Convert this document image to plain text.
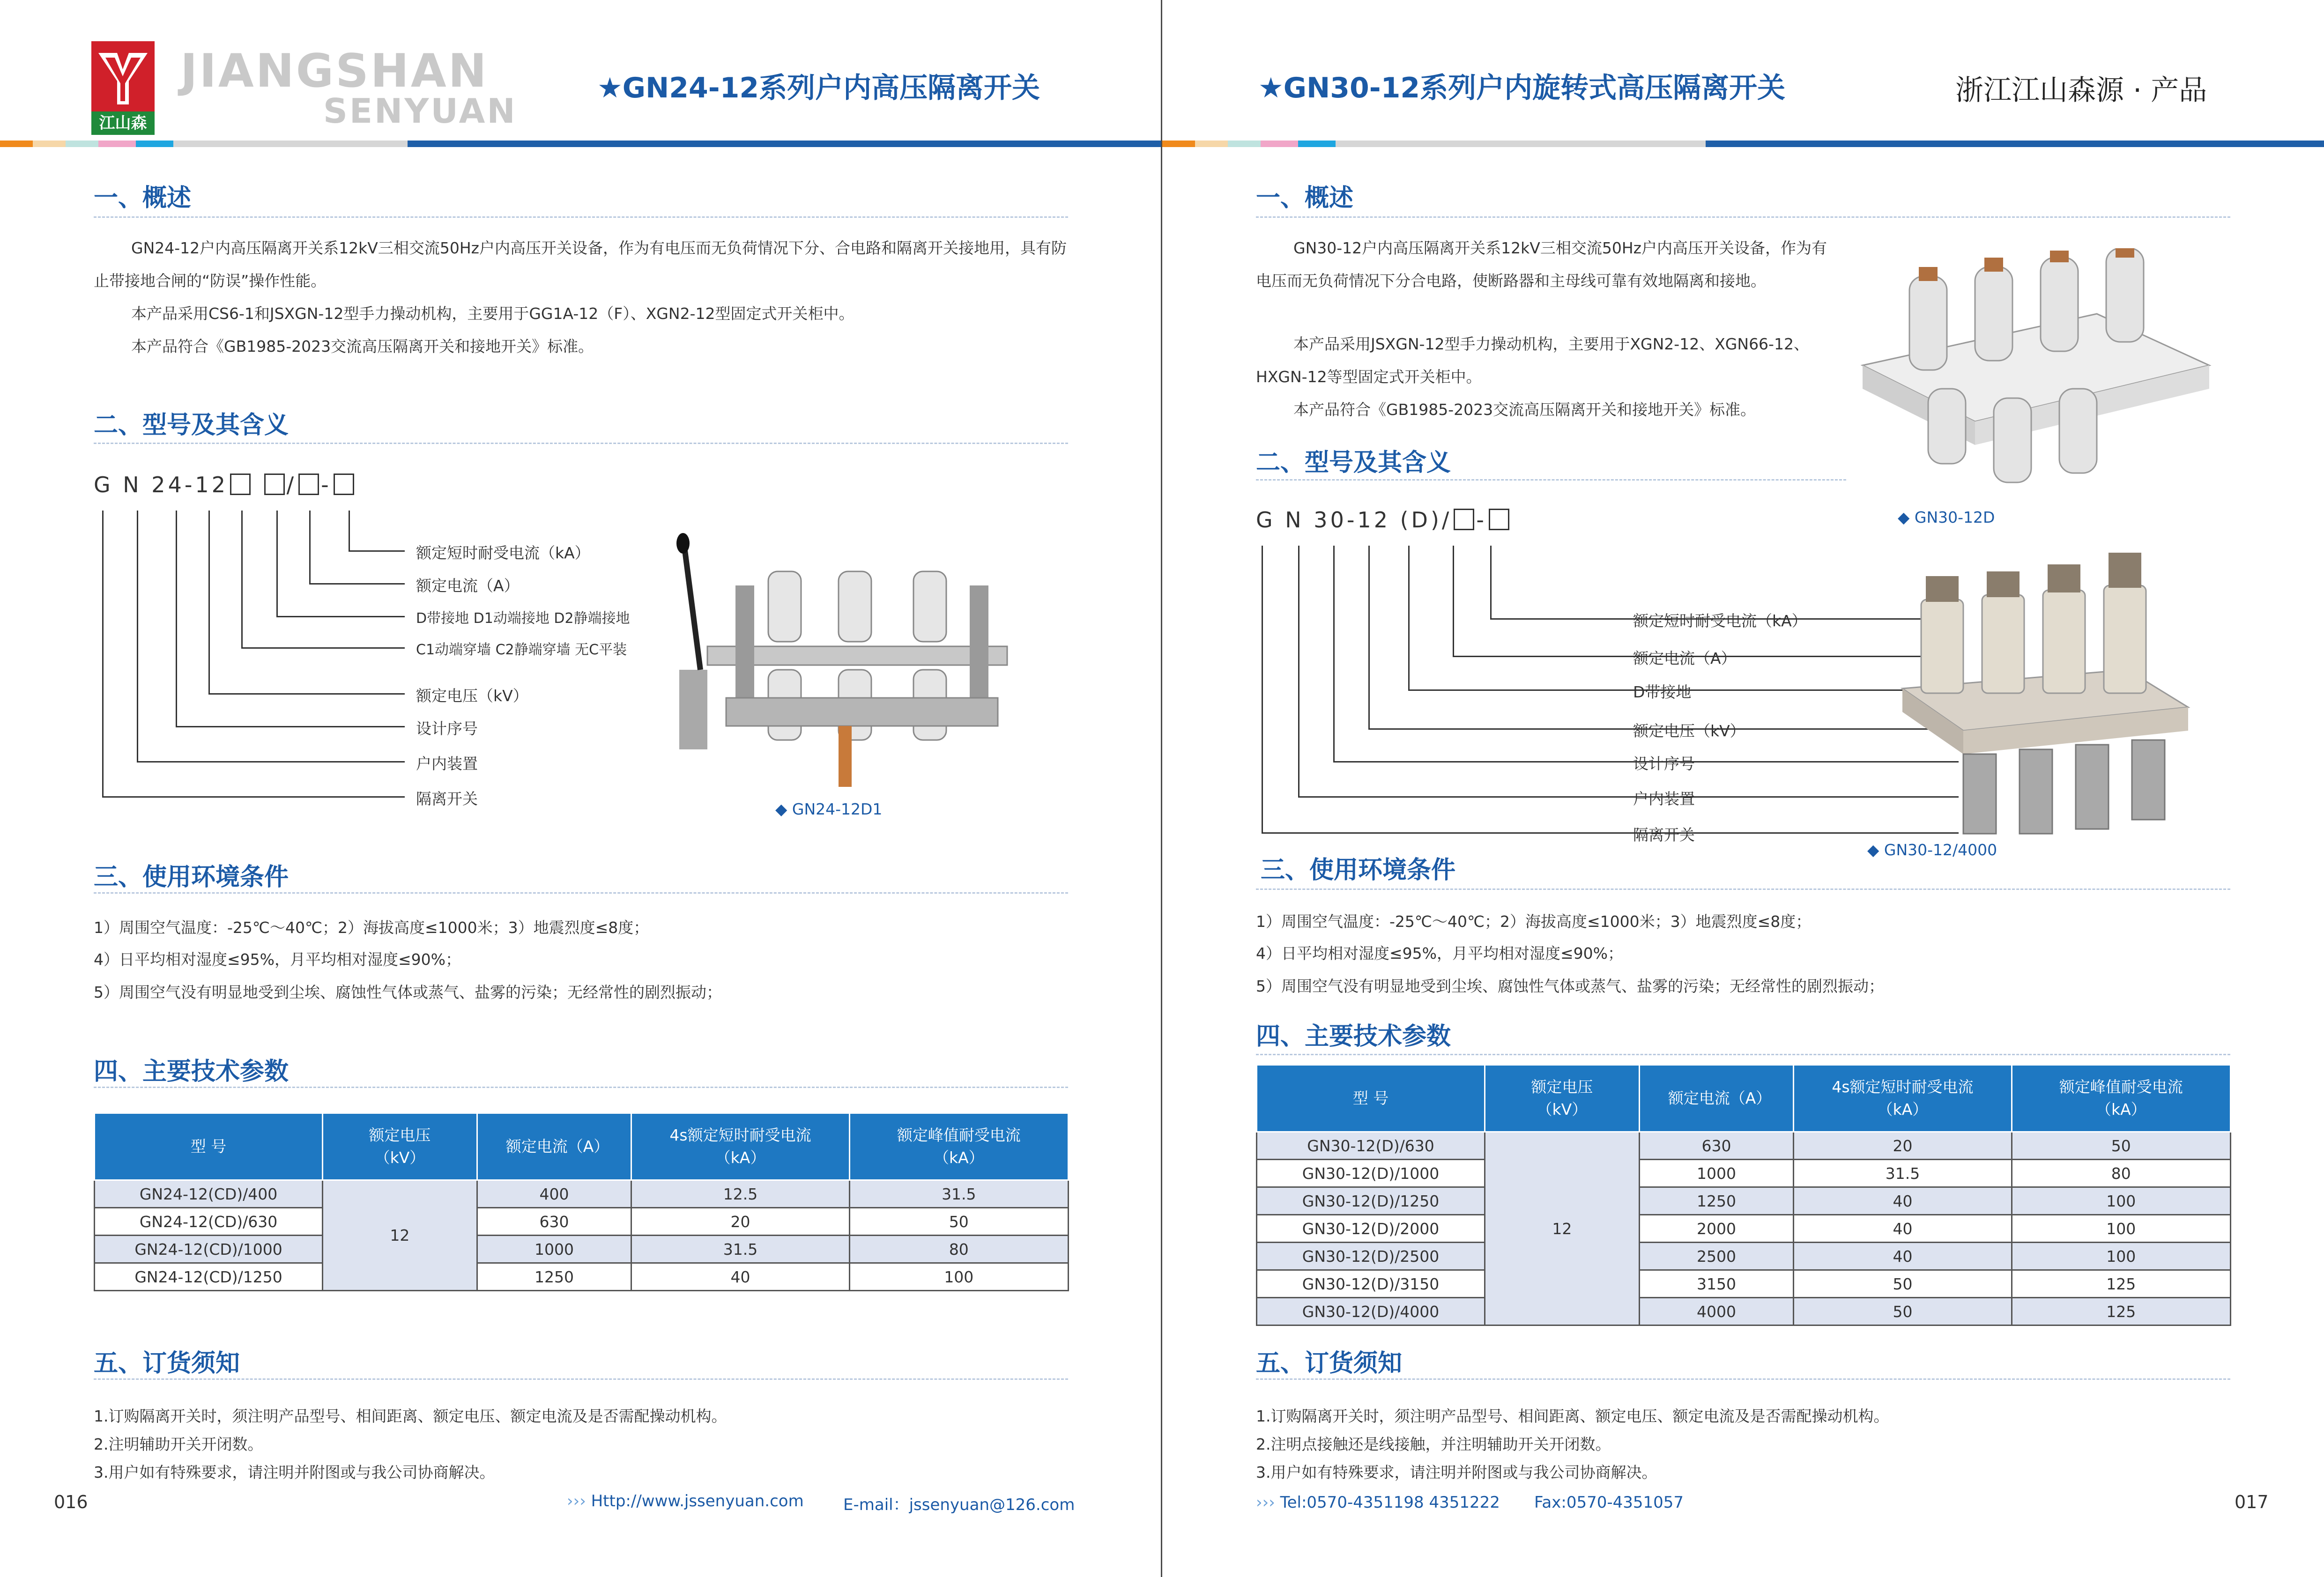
江山森
JIANGSHAN
SENYUAN
★GN24-12系列户内高压隔离开关
一、概述
GN24-12户内高压隔离开关系12kV三相交流50Hz户内高压开关设备，作为有电压而无负荷情况下分、合电路和隔离开关接地用，具有防止带接地合闸的“防误”操作性能。
本产品采用CS6-1和JSXGN-12型手力操动机构，主要用于GG1A-12（F）、XGN2-12型固定式开关柜中。
本产品符合《GB1985-2023交流高压隔离开关和接地开关》标准。
二、型号及其含义
G N 24-12	/ -
额定短时耐受电流（kA）
额定电流（A）
D带接地 D1动端接地 D2静端接地
C1动端穿墙 C2静端穿墙 无C平装
额定电压（kV）
设计序号
户内装置
隔离开关
◆ GN24-12D1
三、使用环境条件
1）周围空气温度：-25℃～40℃；2）海拔高度≤1000米；3）地震烈度≤8度；
4）日平均相对湿度≤95%，月平均相对湿度≤90%；
5）周围空气没有明显地受到尘埃、腐蚀性气体或蒸气、盐雾的污染；无经常性的剧烈振动；
四、主要技术参数
型 号	额定电压（kV）	额定电流（A）	4s额定短时耐受电流（kA）	额定峰值耐受电流（kA）
GN24-12(CD)/400	12	400	12.5	31.5
GN24-12(CD)/630		630	20	50
GN24-12(CD)/1000		1000	31.5	80
GN24-12(CD)/1250		1250	40	100
五、订货须知
1.订购隔离开关时，须注明产品型号、相间距离、额定电压、额定电流及是否需配操动机构。
2.注明辅助开关开闭数。
3.用户如有特殊要求，请注明并附图或与我公司协商解决。
016	››› Http://www.jssenyuan.com E-mail：jssenyuan@126.com
★GN30-12系列户内旋转式高压隔离开关	浙江江山森源 · 产品
一、概述
GN30-12户内高压隔离开关系12kV三相交流50Hz户内高压开关设备，作为有电压而无负荷情况下分合电路，使断路器和主母线可靠有效地隔离和接地。
本产品采用JSXGN-12型手力操动机构，主要用于XGN2-12、XGN66-12、HXGN-12等型固定式开关柜中。
本产品符合《GB1985-2023交流高压隔离开关和接地开关》标准。
◆ GN30-12D
二、型号及其含义
G N 30-12 (D)/ -
额定短时耐受电流（kA）
额定电流（A）
D带接地
额定电压（kV）
设计序号
户内装置
隔离开关
◆ GN30-12/4000
三、使用环境条件
1）周围空气温度：-25℃～40℃；2）海拔高度≤1000米；3）地震烈度≤8度；
4）日平均相对湿度≤95%，月平均相对湿度≤90%；
5）周围空气没有明显地受到尘埃、腐蚀性气体或蒸气、盐雾的污染；无经常性的剧烈振动；
四、主要技术参数
型 号	额定电压（kV）	额定电流（A）	4s额定短时耐受电流（kA）	额定峰值耐受电流（kA）
GN30-12(D)/630	12	630	20	50
GN30-12(D)/1000		1000	31.5	80
GN30-12(D)/1250		1250	40	100
GN30-12(D)/2000		2000	40	100
GN30-12(D)/2500		2500	40	100
GN30-12(D)/3150		3150	50	125
GN30-12(D)/4000		4000	50	125
五、订货须知
1.订购隔离开关时，须注明产品型号、相间距离、额定电压、额定电流及是否需配操动机构。
2.注明点接触还是线接触，并注明辅助开关开闭数。
3.用户如有特殊要求，请注明并附图或与我公司协商解决。
››› Tel:0570-4351198 4351222 Fax:0570-4351057	017
